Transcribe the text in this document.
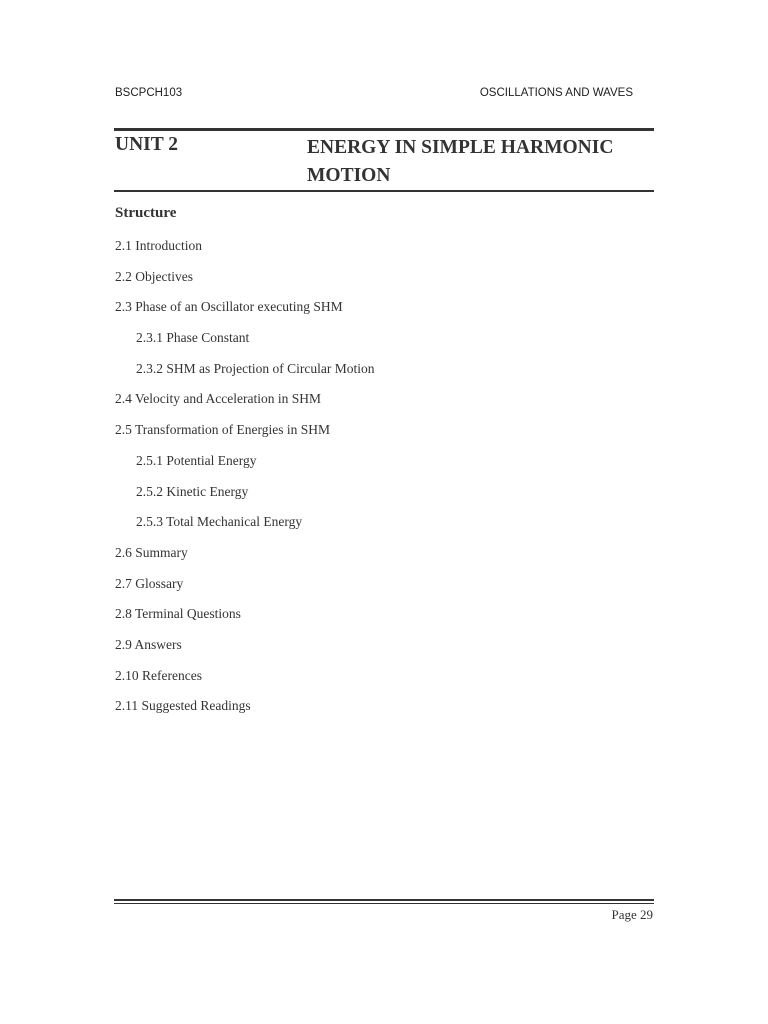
BSCPCH103	OSCILLATIONS AND WAVES
UNIT 2	ENERGY IN SIMPLE HARMONIC MOTION
Structure
2.1 Introduction
2.2 Objectives
2.3 Phase of an Oscillator executing SHM
2.3.1 Phase Constant
2.3.2 SHM as Projection of Circular Motion
2.4 Velocity and Acceleration in SHM
2.5 Transformation of Energies in SHM
2.5.1 Potential Energy
2.5.2 Kinetic Energy
2.5.3 Total Mechanical Energy
2.6 Summary
2.7 Glossary
2.8 Terminal Questions
2.9 Answers
2.10 References
2.11 Suggested Readings
Page 29
